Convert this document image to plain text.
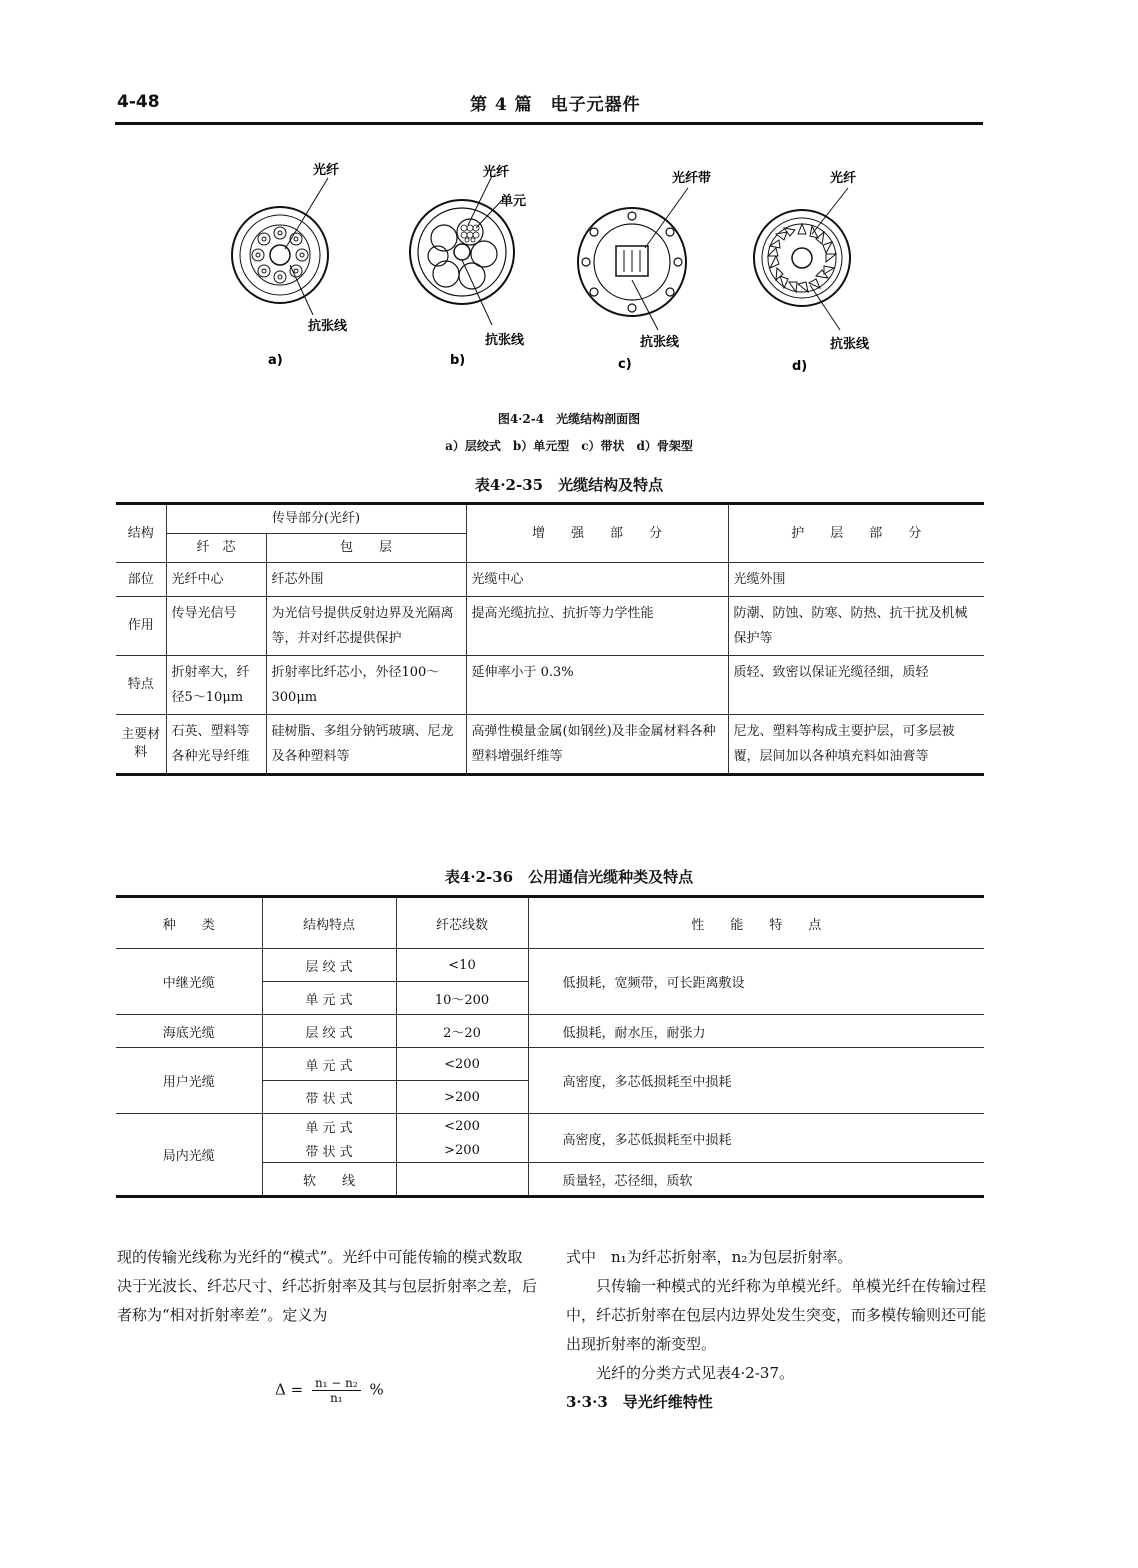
4-48	第 4 篇　电子元器件
光纤
抗张线
a)
光纤
单元
抗张线
b)
光纤带
抗张线
c)
光纤
抗张线
d)
图4·2-4　光缆结构剖面图
a）层绞式　b）单元型　c）带状　d）骨架型
表4·2-35　光缆结构及特点
结构	传导部分(光纤)		增　　强　　部　　分	护　　层　　部　　分
	纤　芯	包　　层		
部位	光纤中心	纤芯外围	光缆中心	光缆外围
作用	传导光信号	为光信号提供反射边界及光隔离等，并对纤芯提供保护	提高光缆抗拉、抗折等力学性能	防潮、防蚀、防寒、防热、抗干扰及机械保护等
特点	折射率大，纤径5～10μm	折射率比纤芯小，外径100～300μm	延伸率小于 0.3%	质轻、致密以保证光缆径细，质轻
主要材料	石英、塑料等各种光导纤维	硅树脂、多组分钠钙玻璃、尼龙及各种塑料等	高弹性模量金属(如钢丝)及非金属材料各种塑料增强纤维等	尼龙、塑料等构成主要护层，可多层被覆，层间加以各种填充料如油膏等
表4·2-36　公用通信光缆种类及特点
种　　类	结构特点	纤芯线数	性　　能　　特　　点
中继光缆	层 绞 式	<10	低损耗，宽频带，可长距离敷设
	单 元 式	10～200	
海底光缆	层 绞 式	2～20	低损耗，耐水压，耐张力
用户光缆	单 元 式	<200	高密度，多芯低损耗至中损耗
	带 状 式	>200	
局内光缆	单 元 式	<200	高密度，多芯低损耗至中损耗
	带 状 式	>200	
	软　　线		质量轻，芯径细，质软
现的传输光线称为光纤的“模式”。光纤中可能传输的模式数取决于光波长、纤芯尺寸、纤芯折射率及其与包层折射率之差，后者称为“相对折射率差”。定义为
$\Delta = \frac{\text{n₁ − n₂}}{\text{n₁}}$ %
式中　n₁为纤芯折射率，n₂为包层折射率。
只传输一种模式的光纤称为单模光纤。单模光纤在传输过程中，纤芯折射率在包层内边界处发生突变，而多模传输则还可能出现折射率的渐变型。
光纤的分类方式见表4·2-37。
3·3·3　导光纤维特性
